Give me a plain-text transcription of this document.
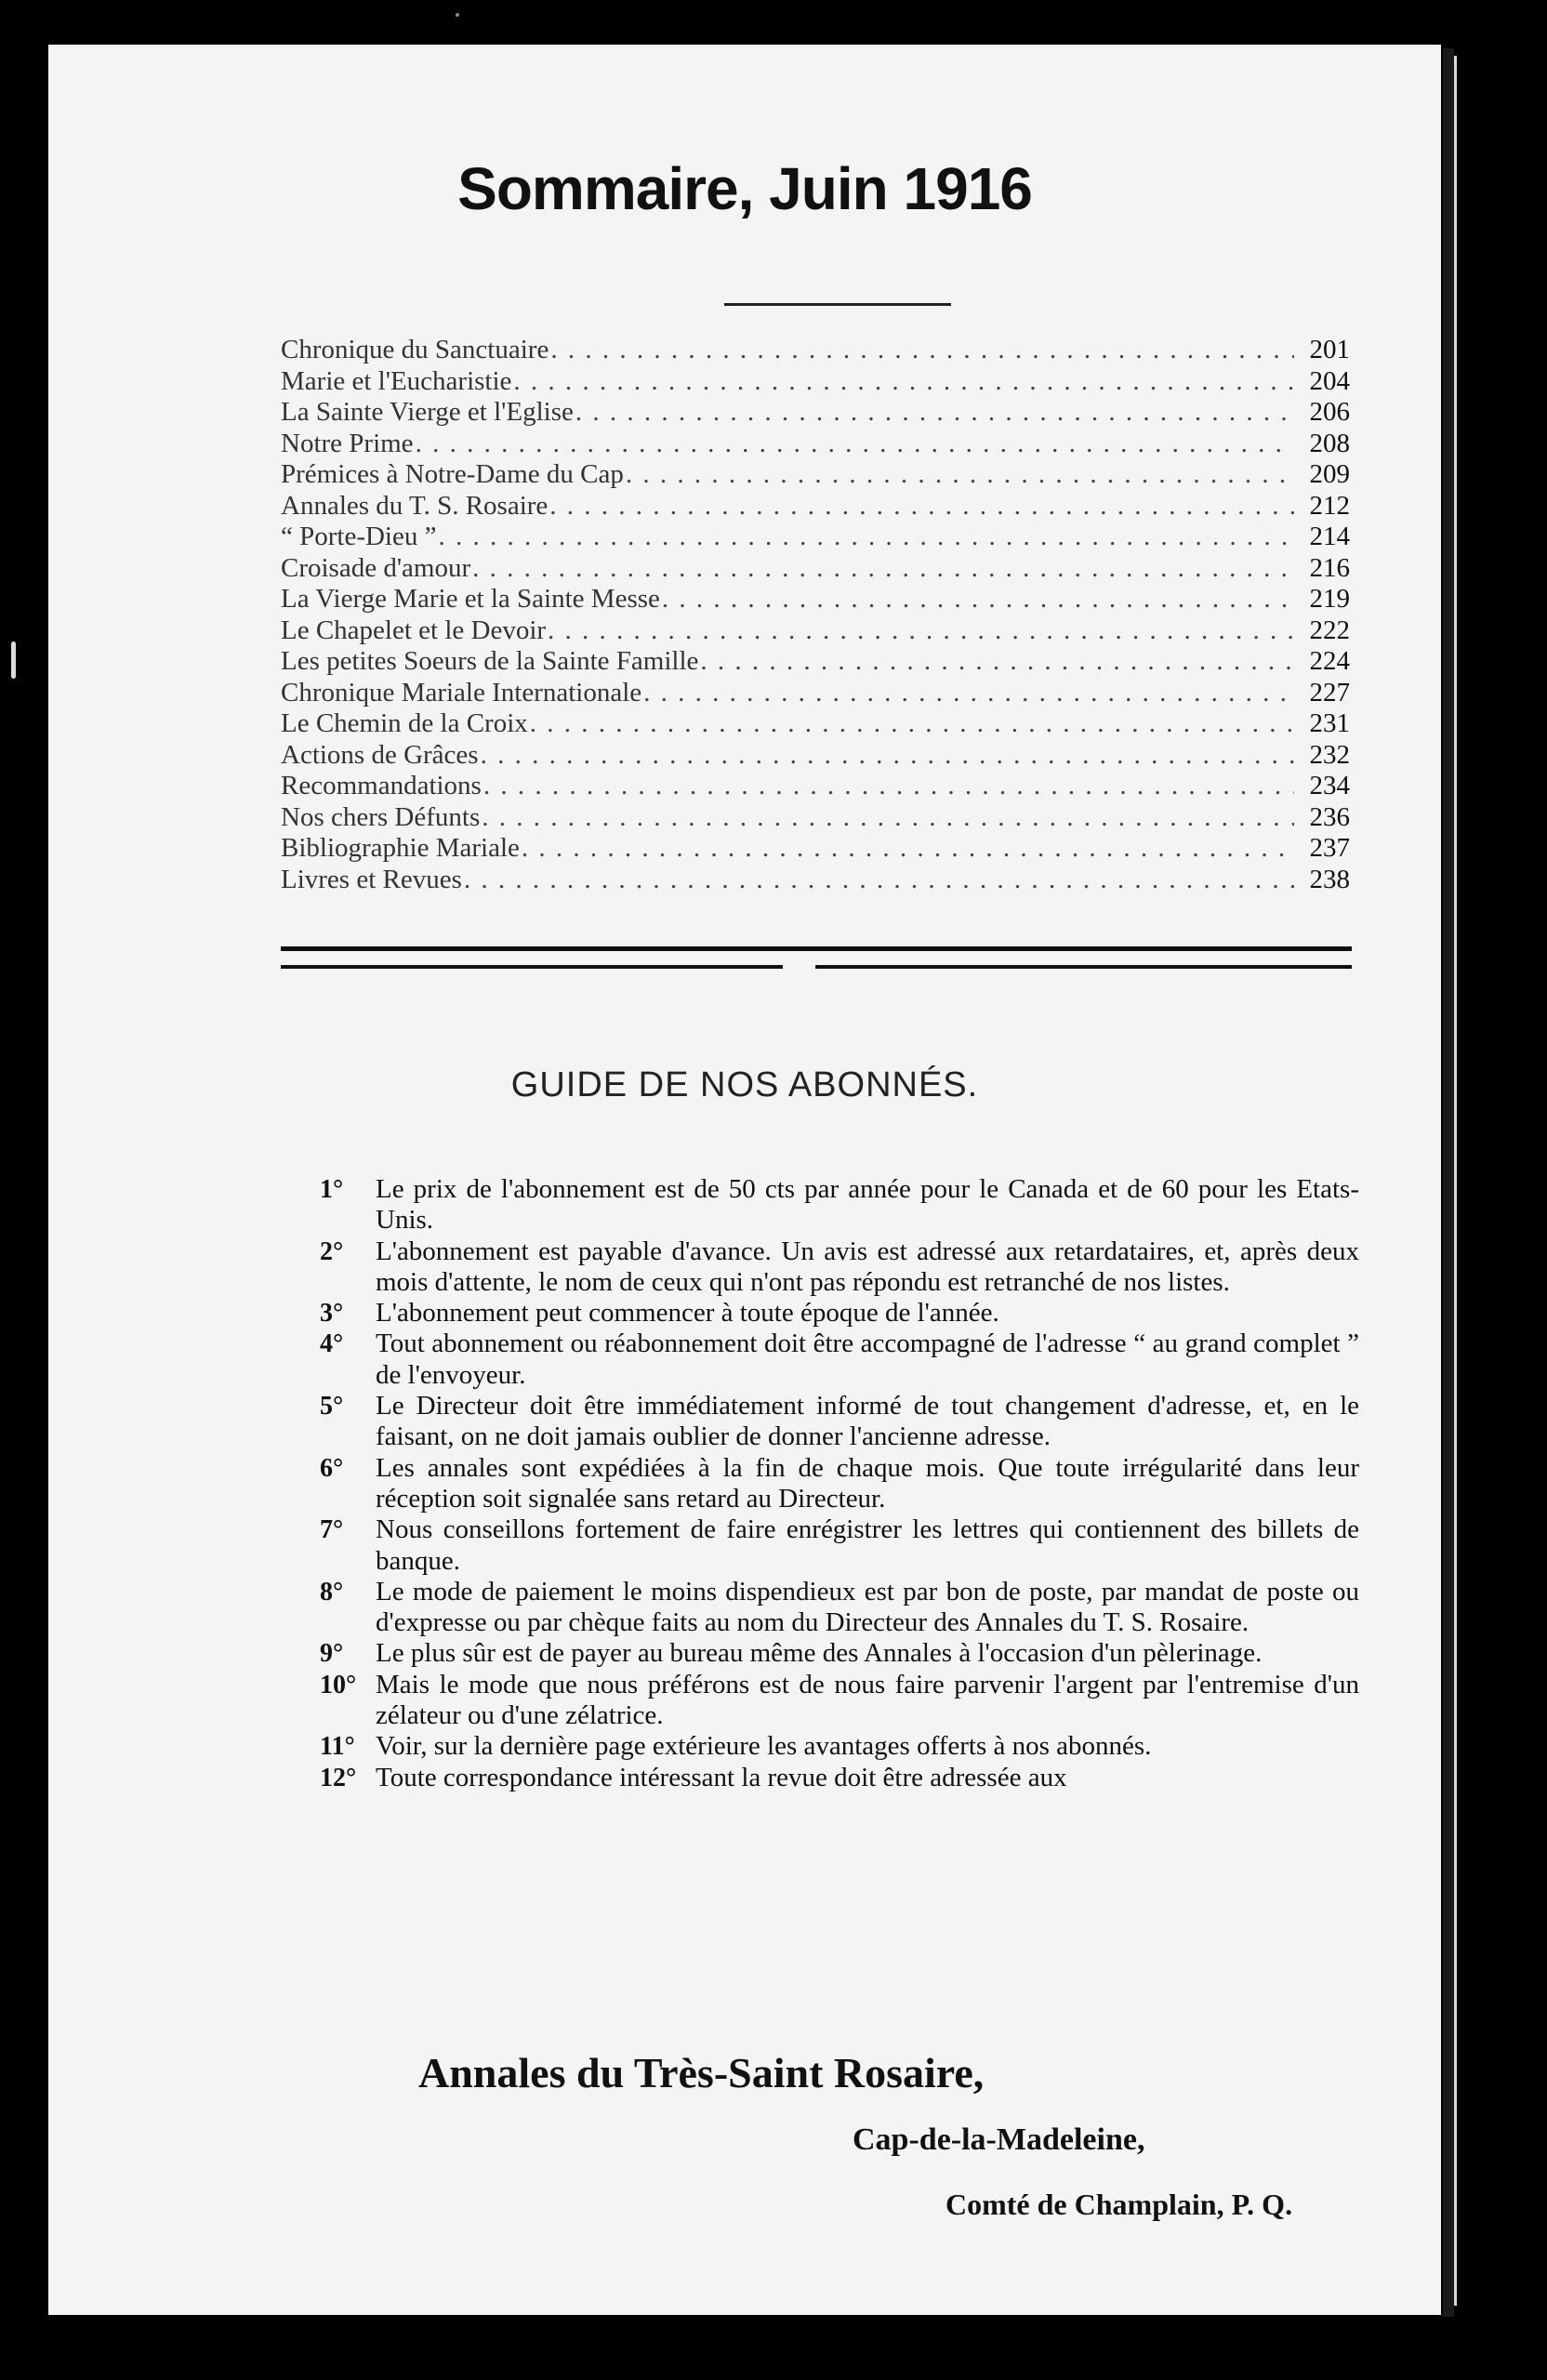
Sommaire, Juin 1916
Chronique du Sanctuaire . . .	201
Marie et l'Eucharistie . . .	204
La Sainte Vierge et l'Eglise . . .	206
Notre Prime . . .	208
Prémices à Notre-Dame du Cap . . .	209
Annales du T. S. Rosaire . . .	212
“ Porte-Dieu ” . . .	214
Croisade d'amour . . .	216
La Vierge Marie et la Sainte Messe . . .	219
Le Chapelet et le Devoir . . .	222
Les petites Soeurs de la Sainte Famille . . .	224
Chronique Mariale Internationale . . .	227
Le Chemin de la Croix . . .	231
Actions de Grâces . . .	232
Recommandations . . .	234
Nos chers Défunts . . .	236
Bibliographie Mariale . . .	237
Livres et Revues . . .	238
GUIDE DE NOS ABONNÉS.
1°	Le prix de l'abonnement est de 50 cts par année pour le Canada et de 60 pour les Etats-Unis.
2°	L'abonnement est payable d'avance. Un avis est adressé aux retardataires, et, après deux mois d'attente, le nom de ceux qui n'ont pas répondu est retranché de nos listes.
3°	L'abonnement peut commencer à toute époque de l'année.
4°	Tout abonnement ou réabonnement doit être accompagné de l'adresse “ au grand complet ” de l'envoyeur.
5°	Le Directeur doit être immédiatement informé de tout changement d'adresse, et, en le faisant, on ne doit jamais oublier de donner l'ancienne adresse.
6°	Les annales sont expédiées à la fin de chaque mois. Que toute irrégularité dans leur réception soit signalée sans retard au Directeur.
7°	Nous conseillons fortement de faire enrégistrer les lettres qui contiennent des billets de banque.
8°	Le mode de paiement le moins dispendieux est par bon de poste, par mandat de poste ou d'expresse ou par chèque faits au nom du Directeur des Annales du T. S. Rosaire.
9°	Le plus sûr est de payer au bureau même des Annales à l'occasion d'un pèlerinage.
10° Mais le mode que nous préférons est de nous faire parvenir l'argent par l'entremise d'un zélateur ou d'une zélatrice.
11° Voir, sur la dernière page extérieure les avantages offerts à nos abonnés.
12° Toute correspondance intéressant la revue doit être adressée aux
Annales du Très-Saint Rosaire,
Cap-de-la-Madeleine,
Comté de Champlain, P. Q.
